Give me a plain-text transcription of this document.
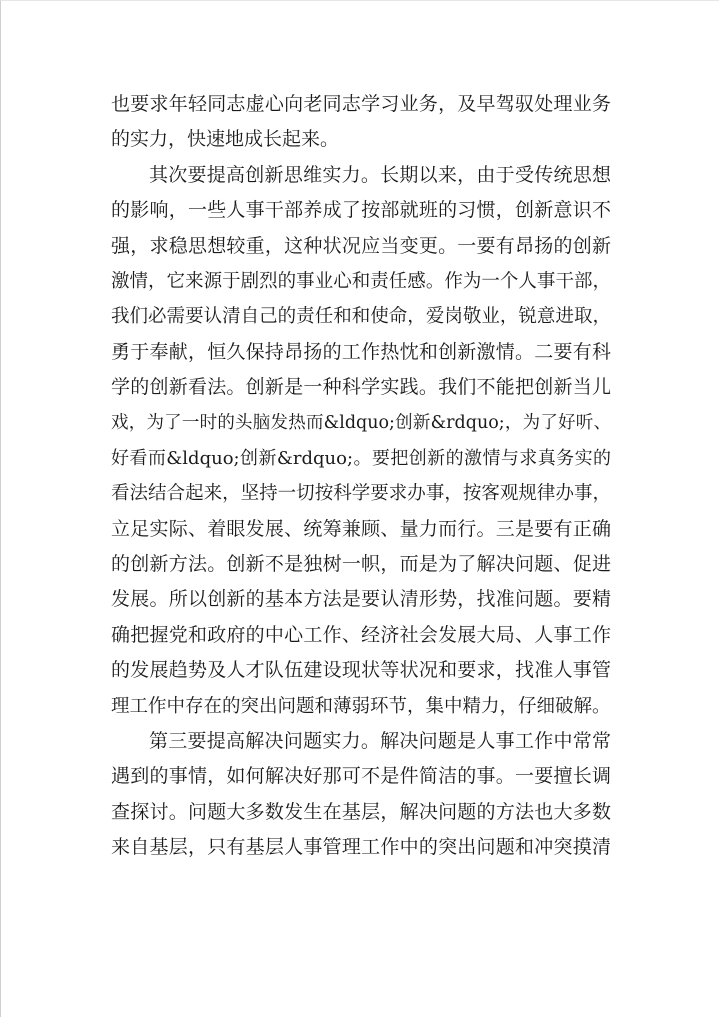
也要求年轻同志虚心向老同志学习业务，及早驾驭处理业务
的实力，快速地成长起来。
其次要提高创新思维实力。长期以来，由于受传统思想
的影响，一些人事干部养成了按部就班的习惯，创新意识不
强，求稳思想较重，这种状况应当变更。一要有昂扬的创新
激情，它来源于剧烈的事业心和责任感。作为一个人事干部，
我们必需要认清自己的责任和和使命，爱岗敬业，锐意进取，
勇于奉献，恒久保持昂扬的工作热忱和创新激情。二要有科
学的创新看法。创新是一种科学实践。我们不能把创新当儿
戏，为了一时的头脑发热而&ldquo;创新&rdquo;，为了好听、
好看而&ldquo;创新&rdquo;。要把创新的激情与求真务实的
看法结合起来，坚持一切按科学要求办事，按客观规律办事，
立足实际、着眼发展、统筹兼顾、量力而行。三是要有正确
的创新方法。创新不是独树一帜，而是为了解决问题、促进
发展。所以创新的基本方法是要认清形势，找准问题。要精
确把握党和政府的中心工作、经济社会发展大局、人事工作
的发展趋势及人才队伍建设现状等状况和要求，找准人事管
理工作中存在的突出问题和薄弱环节，集中精力，仔细破解。
第三要提高解决问题实力。解决问题是人事工作中常常
遇到的事情，如何解决好那可不是件简洁的事。一要擅长调
查探讨。问题大多数发生在基层，解决问题的方法也大多数
来自基层，只有基层人事管理工作中的突出问题和冲突摸清
